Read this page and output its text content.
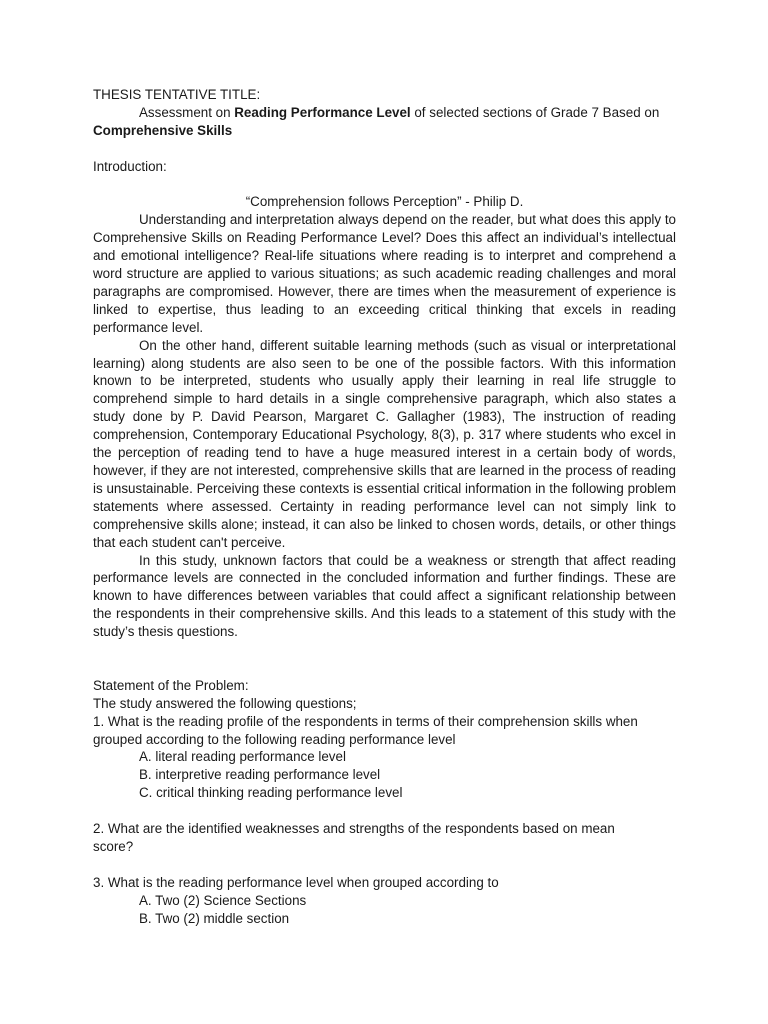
THESIS TENTATIVE TITLE:

Assessment on Reading Performance Level of selected sections of Grade 7 Based on Comprehensive Skills

Introduction:

“Comprehension follows Perception” - Philip D.

Understanding and interpretation always depend on the reader, but what does this apply to Comprehensive Skills on Reading Performance Level? Does this affect an individual’s intellectual and emotional intelligence? Real-life situations where reading is to interpret and comprehend a word structure are applied to various situations; as such academic reading challenges and moral paragraphs are compromised. However, there are times when the measurement of experience is linked to expertise, thus leading to an exceeding critical thinking that excels in reading performance level.

On the other hand, different suitable learning methods (such as visual or interpretational learning) along students are also seen to be one of the possible factors. With this information known to be interpreted, students who usually apply their learning in real life struggle to comprehend simple to hard details in a single comprehensive paragraph, which also states a study done by P. David Pearson, Margaret C. Gallagher (1983), The instruction of reading comprehension, Contemporary Educational Psychology, 8(3), p. 317 where students who excel in the perception of reading tend to have a huge measured interest in a certain body of words, however, if they are not interested, comprehensive skills that are learned in the process of reading is unsustainable. Perceiving these contexts is essential critical information in the following problem statements where assessed. Certainty in reading performance level can not simply link to comprehensive skills alone; instead, it can also be linked to chosen words, details, or other things that each student can't perceive.

In this study, unknown factors that could be a weakness or strength that affect reading performance levels are connected in the concluded information and further findings. These are known to have differences between variables that could affect a significant relationship between the respondents in their comprehensive skills. And this leads to a statement of this study with the study’s thesis questions.

Statement of the Problem:

The study answered the following questions;

1. What is the reading profile of the respondents in terms of their comprehension skills when

grouped according to the following reading performance level

A. literal reading performance level

B. interpretive reading performance level

C. critical thinking reading performance level

2. What are the identified weaknesses and strengths of the respondents based on mean

score?

3. What is the reading performance level when grouped according to

A. Two (2) Science Sections

B. Two (2) middle section
